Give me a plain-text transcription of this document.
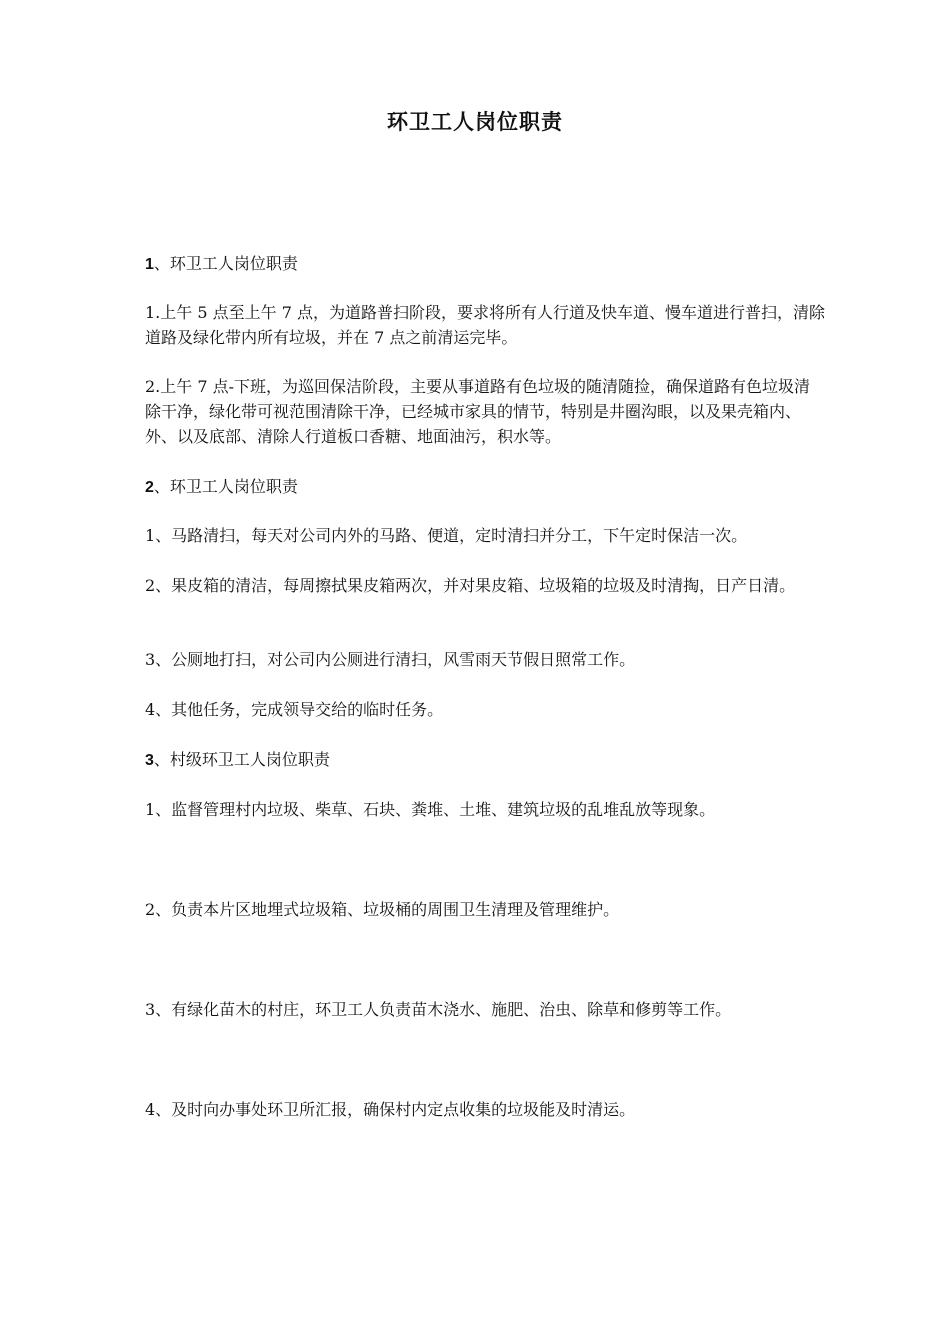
环卫工人岗位职责
1、环卫工人岗位职责
1.上午 5 点至上午 7 点，为道路普扫阶段，要求将所有人行道及快车道、慢车道进行普扫，清除道路及绿化带内所有垃圾，并在 7 点之前清运完毕。
2.上午 7 点-下班，为巡回保洁阶段，主要从事道路有色垃圾的随清随捡，确保道路有色垃圾清除干净，绿化带可视范围清除干净，已经城市家具的情节，特别是井圈沟眼，以及果壳箱内、外、以及底部、清除人行道板口香糖、地面油污，积水等。
2、环卫工人岗位职责
1、马路清扫，每天对公司内外的马路、便道，定时清扫并分工，下午定时保洁一次。
2、果皮箱的清洁，每周擦拭果皮箱两次，并对果皮箱、垃圾箱的垃圾及时清掏，日产日清。
3、公厕地打扫，对公司内公厕进行清扫，风雪雨天节假日照常工作。
4、其他任务，完成领导交给的临时任务。
3、村级环卫工人岗位职责
1、监督管理村内垃圾、柴草、石块、粪堆、土堆、建筑垃圾的乱堆乱放等现象。
2、负责本片区地埋式垃圾箱、垃圾桶的周围卫生清理及管理维护。
3、有绿化苗木的村庄，环卫工人负责苗木浇水、施肥、治虫、除草和修剪等工作。
4、及时向办事处环卫所汇报，确保村内定点收集的垃圾能及时清运。
